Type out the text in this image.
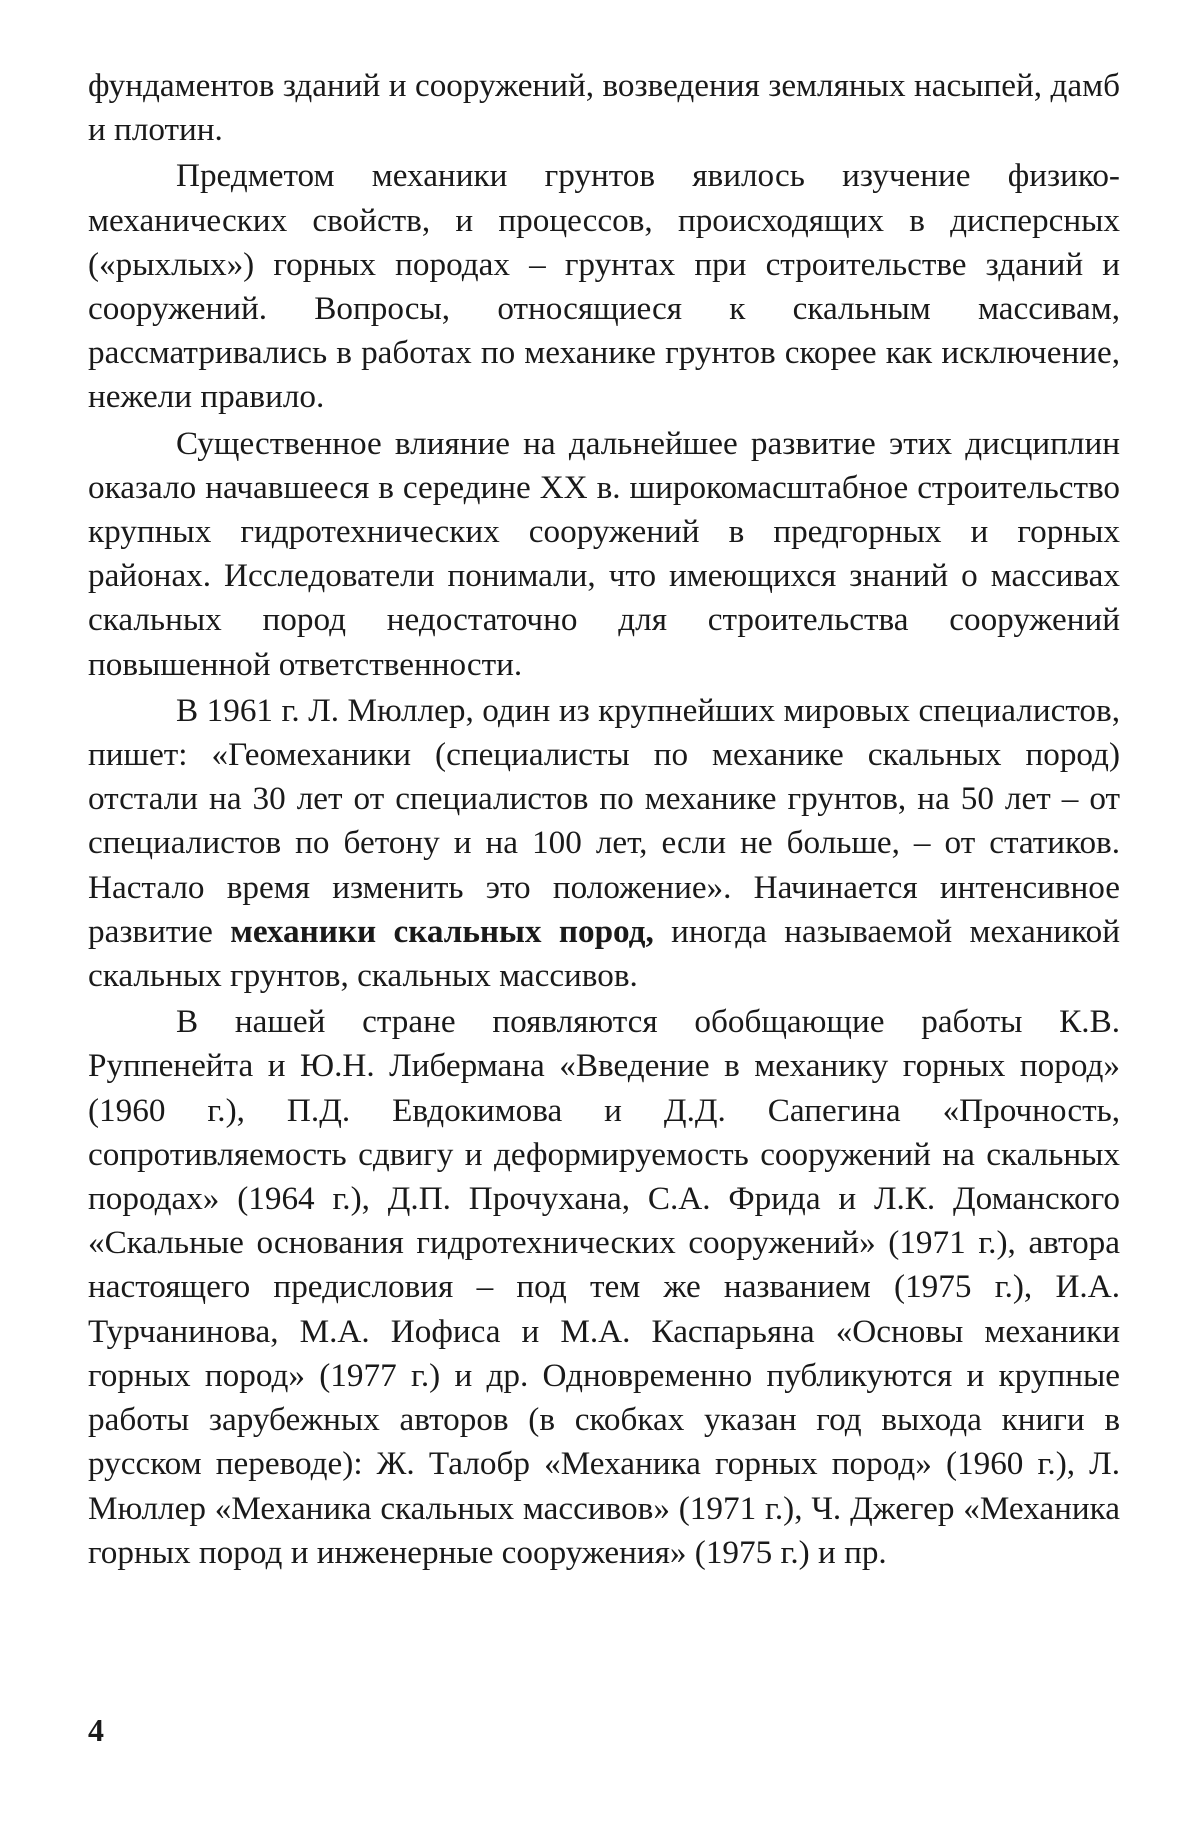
фундаментов зданий и сооружений, возведения земляных насыпей, дамб и плотин.

Предметом механики грунтов явилось изучение физико-механических свойств, и процессов, происходящих в дисперсных («рыхлых») горных породах – грунтах при строительстве зданий и сооружений. Вопросы, относящиеся к скальным массивам, рассматривались в работах по механике грунтов скорее как исключение, нежели правило.

Существенное влияние на дальнейшее развитие этих дисциплин оказало начавшееся в середине XX в. широкомасштабное строительство крупных гидротехнических сооружений в предгорных и горных районах. Исследователи понимали, что имеющихся знаний о массивах скальных пород недостаточно для строительства сооружений повышенной ответственности.

В 1961 г. Л. Мюллер, один из крупнейших мировых специалистов, пишет: «Геомеханики (специалисты по механике скальных пород) отстали на 30 лет от специалистов по механике грунтов, на 50 лет – от специалистов по бетону и на 100 лет, если не больше, – от статиков. Настало время изменить это положение». Начинается интенсивное развитие механики скальных пород, иногда называемой механикой скальных грунтов, скальных массивов.

В нашей стране появляются обобщающие работы К.В. Руппенейта и Ю.Н. Либермана «Введение в механику горных пород» (1960 г.), П.Д. Евдокимова и Д.Д. Сапегина «Прочность, сопротивляемость сдвигу и деформируемость сооружений на скальных породах» (1964 г.), Д.П. Прочухана, С.А. Фрида и Л.К. Доманского «Скальные основания гидротехнических сооружений» (1971 г.), автора настоящего предисловия – под тем же названием (1975 г.), И.А. Турчанинова, М.А. Иофиса и М.А. Каспарьяна «Основы механики горных пород» (1977 г.) и др. Одновременно публикуются и крупные работы зарубежных авторов (в скобках указан год выхода книги в русском переводе): Ж. Талобр «Механика горных пород» (1960 г.), Л. Мюллер «Механика скальных массивов» (1971 г.), Ч. Джегер «Механика горных пород и инженерные сооружения» (1975 г.) и пр.

4
